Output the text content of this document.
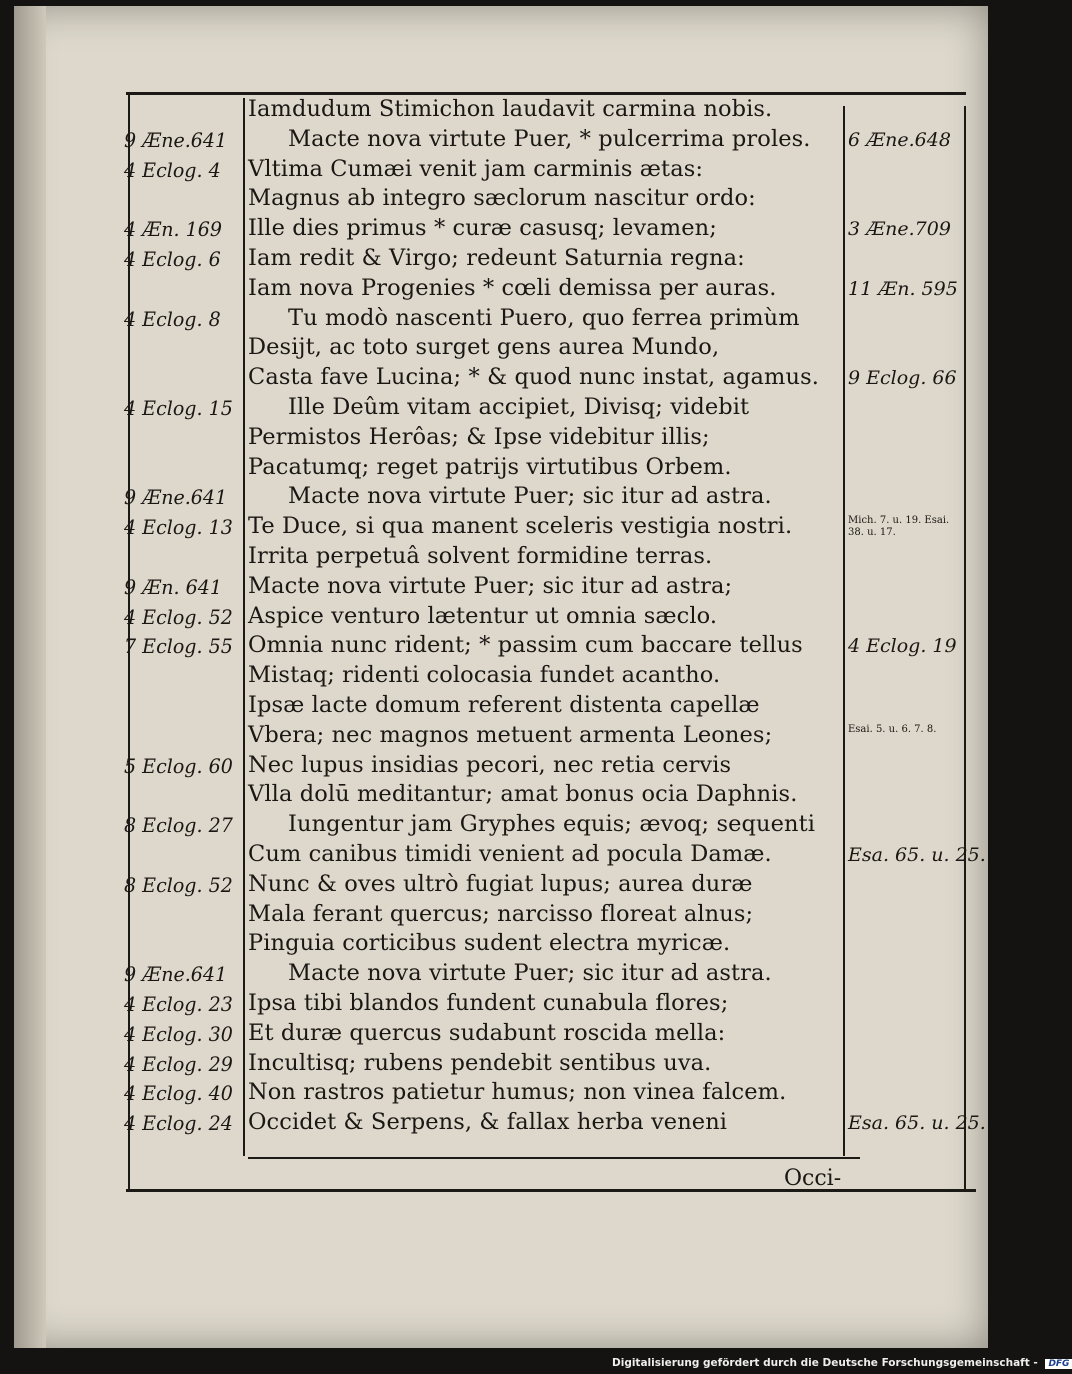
Iamdudum Stimichon laudavit carmina nobis.
9 Æne.641	Macte nova virtute Puer, * pulcerrima proles. 6 Æne.648
4 Eclog. 4	Vltima Cumæi venit jam carminis ætas:
Magnus ab integro sæclorum nascitur ordo:
4 Æn. 169	Ille dies primus * curæ casusq; levamen;	3 Æne.709
4 Eclog. 6	Iam redit & Virgo; redeunt Saturnia regna:
Iam nova Progenies * cœli demissa per auras.	11 Æn. 595
4 Eclog. 8	Tu modò nascenti Puero, quo ferrea primùm
Desijt, ac toto surget gens aurea Mundo,
Casta fave Lucina; * & quod nunc instat, agamus. 9 Eclog. 66
4 Eclog. 15	Ille Deûm vitam accipiet, Divisq; videbit
Permistos Herôas; & Ipse videbitur illis;
Pacatumq; reget patrijs virtutibus Orbem.
9 Æne.641	Macte nova virtute Puer; sic itur ad astra.
4 Eclog. 13 Te Duce, si qua manent sceleris vestigia nostri.	Mich. 7. u. 19. Esai. 38. u. 17.
Irrita perpetuâ solvent formidine terras.
9 Æn. 641	Macte nova virtute Puer; sic itur ad astra;
4 Eclog. 52 Aspice venturo lætentur ut omnia sæclo.
7 Eclog. 55 Omnia nunc rident; * passim cum baccare tellus 4 Eclog. 19
Mistaq; ridenti colocasia fundet acantho.
Ipsæ lacte domum referent distenta capellæ
Vbera; nec magnos metuent armenta Leones;	Esai. 5. u. 6. 7. 8.
5 Eclog. 60 Nec lupus insidias pecori, nec retia cervis
Vlla dolū meditantur; amat bonus ocia Daphnis.
8 Eclog. 27	Iungentur jam Gryphes equis; ævoq; sequenti
Cum canibus timidi venient ad pocula Damæ.	Esa. 65. u. 25.
8 Eclog. 52 Nunc & oves ultrò fugiat lupus; aurea duræ
Mala ferant quercus; narcisso floreat alnus;
Pinguia corticibus sudent electra myricæ.
9 Æne.641	Macte nova virtute Puer; sic itur ad astra.
4 Eclog. 23 Ipsa tibi blandos fundent cunabula flores;
4 Eclog. 30 Et duræ quercus sudabunt roscida mella:
4 Eclog. 29 Incultisq; rubens pendebit sentibus uva.
4 Eclog. 40 Non rastros patietur humus; non vinea falcem.
4 Eclog. 24 Occidet & Serpens, & fallax herba veneni	Esa. 65. u. 25.
Occi-
Digitalisierung gefördert durch die Deutsche Forschungsgemeinschaft - DFG
